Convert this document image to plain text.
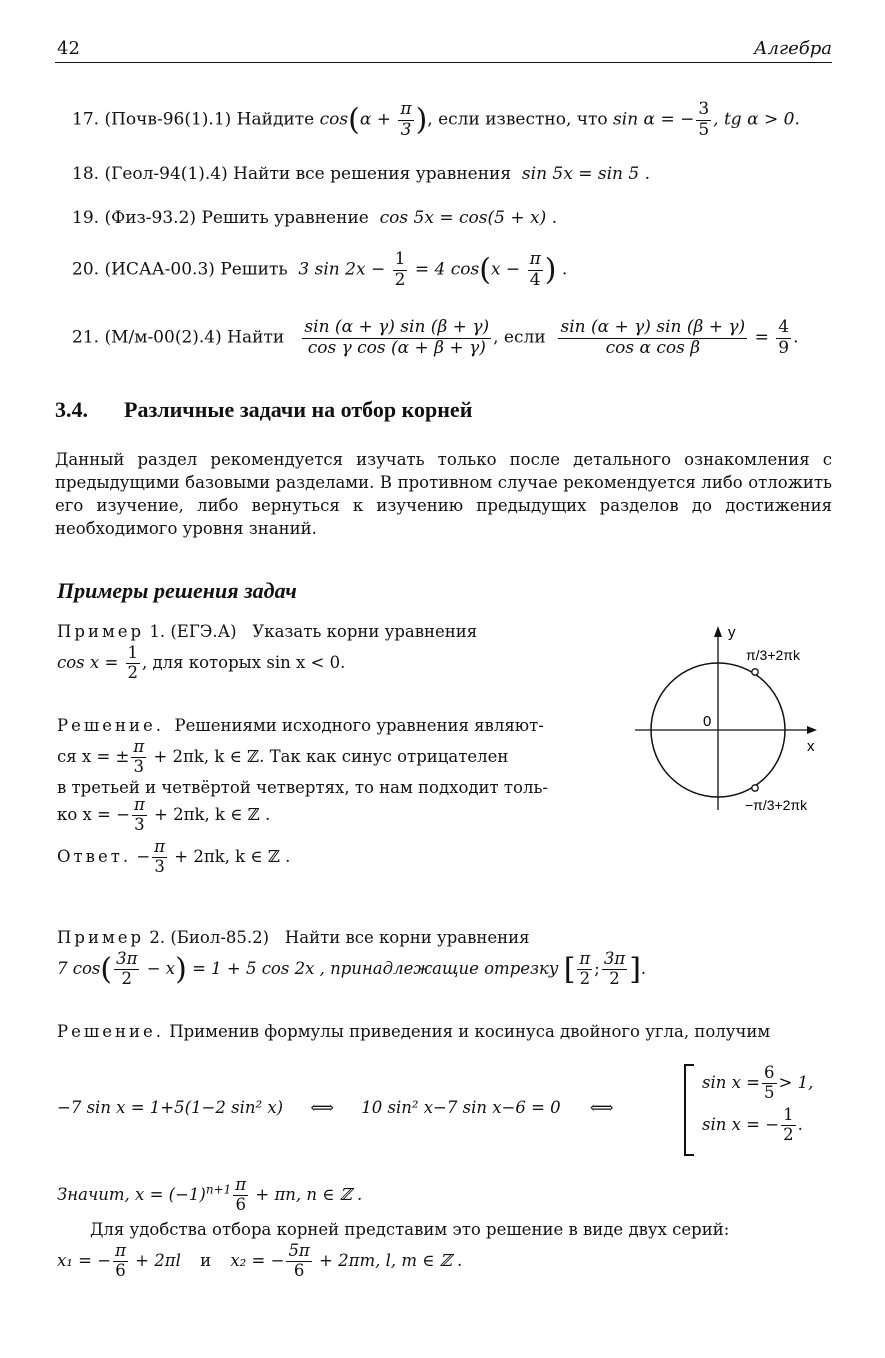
42	Алгебра
17. (Почв-96(1).1) Найдите $\cos(\alpha + \frac{\pi}{3}$ ), если известно, что sin α = − $\frac{3}{5}$ , tg α > 0.
18. (Геол-94(1).4) Найти все решения уравнения sin 5x = sin 5 .
19. (Физ-93.2) Решить уравнение cos 5x = cos(5 + x) .
20. (ИСАА-00.3) Решить 3 $\sin 2x - \frac{1}{2} = 4$ $\cos(x - \frac{\pi}{4}$ ) .
21. (М/м-00(2).4) Найти $\frac{\sin (\alpha + \gamma) \sin (\beta + \gamma)}{\text{cos γ cos (α + β + γ)}}$ , если $\frac{\sin (\alpha + \gamma) \sin (\beta + \gamma)}{\text{cos α cos β}} = \frac{4}{9}$ .
3.4. Различные задачи на отбор корней
Данный раздел рекомендуется изучать только после детального ознакомления с предыдущими базовыми разделами. В противном случае рекомендуется либо отложить его изучение, либо вернуться к изучению предыдущих разделов до достижения необходимого уровня знаний.
Примеры решения задач
Пример 1. (ЕГЭ.А) Указать корни уравнения
$\cos x = \frac{1}{2}$ , для которых sin x < 0.
Решение. Решениями исходного уравнения являют-
ся x = ± $\frac{\pi}{3} + 2\pi k$, k ∈ ℤ. Так как синус отрицателен
в третьей и четвёртой четвертях, то нам подходит толь-
ко x = − $\frac{\pi}{3} + 2\pi k$, k ∈ ℤ .
Ответ. − $\frac{\pi}{3} + 2\pi k$, k ∈ ℤ .
y
x
0
π/3+2πk
−π/3+2πk
Пример 2. (Биол-85.2) Найти все корни уравнения
7 $\cos( \frac{3\pi}{2} - x) = 1 + 5$ cos 2x , принадлежащие отрезку [ $\frac{\pi}{2}$ ; $\frac{3\pi}{2}$ ].
Решение. Применив формулы приведения и косинуса двойного угла, получим
−7 sin x = 1+5(1−2 sin² x) ⟺ 10 sin² x−7 sin x−6 = 0 ⟺
$\sin x = \frac{6}{5} > 1$,
sin x = − $\frac{1}{2}$ .
Значит, $x = (-1)^{n+1} \frac{\pi}{6} + \pi n$, n ∈ ℤ .
Для удобства отбора корней представим это решение в виде двух серий:
x₁ = − $\frac{\pi}{6} + 2\pi l$ и x₂ = − $\frac{5\pi}{6} + 2\pi m$, l, m ∈ ℤ .
